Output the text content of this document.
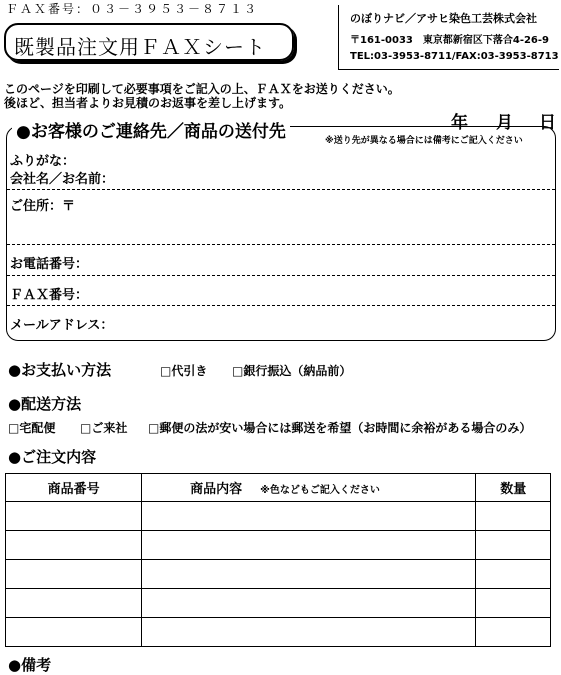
ＦＡＸ番号：０３－３９５３－８７１３
既製品注文用ＦＡＸシート
のぼりナビ／アサヒ染色工芸株式会社
〒161-0033　東京都新宿区下落合4-26-9
TEL:03-3953-8711/FAX:03-3953-8713
このページを印刷して必要事項をご記入の上、ＦＡＸをお送りください。
後ほど、担当者よりお見積のお返事を差し上げます。
年 月 日
●お客様のご連絡先／商品の送付先	※送り先が異なる場合には備考にご記入ください
ふりがな：
会社名／お名前：
ご住所：〒
お電話番号：
ＦＡＸ番号：
メールアドレス：
●お支払い方法	□代引き □銀行振込（納品前）
●配送方法
□宅配便 □ご来社 □郵便の法が安い場合には郵送を希望（お時間に余裕がある場合のみ）
●ご注文内容
商品番号	商品内容 ※色などもご記入ください	数量

●備考
